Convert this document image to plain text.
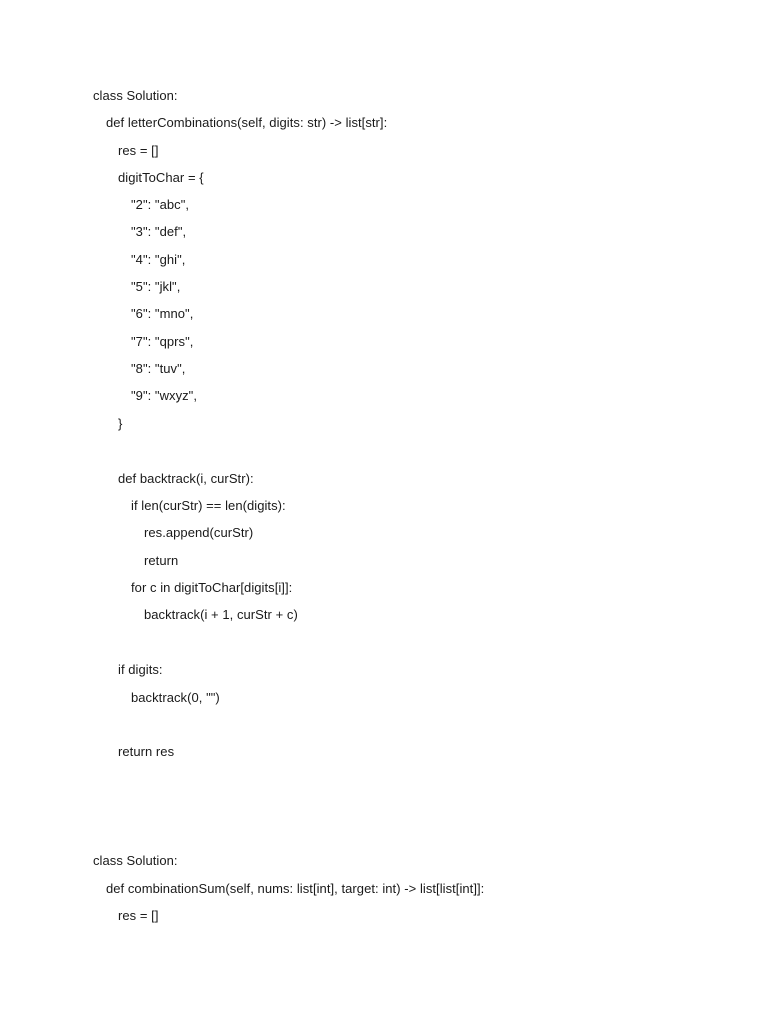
class Solution:
def letterCombinations(self, digits: str) -> list[str]:
res = []
digitToChar = {
"2": "abc",
"3": "def",
"4": "ghi",
"5": "jkl",
"6": "mno",
"7": "qprs",
"8": "tuv",
"9": "wxyz",
}
def backtrack(i, curStr):
if len(curStr) == len(digits):
res.append(curStr)
return
for c in digitToChar[digits[i]]:
backtrack(i + 1, curStr + c)
if digits:
backtrack(0, "")
return res
class Solution:
def combinationSum(self, nums: list[int], target: int) -> list[list[int]]:
res = []
